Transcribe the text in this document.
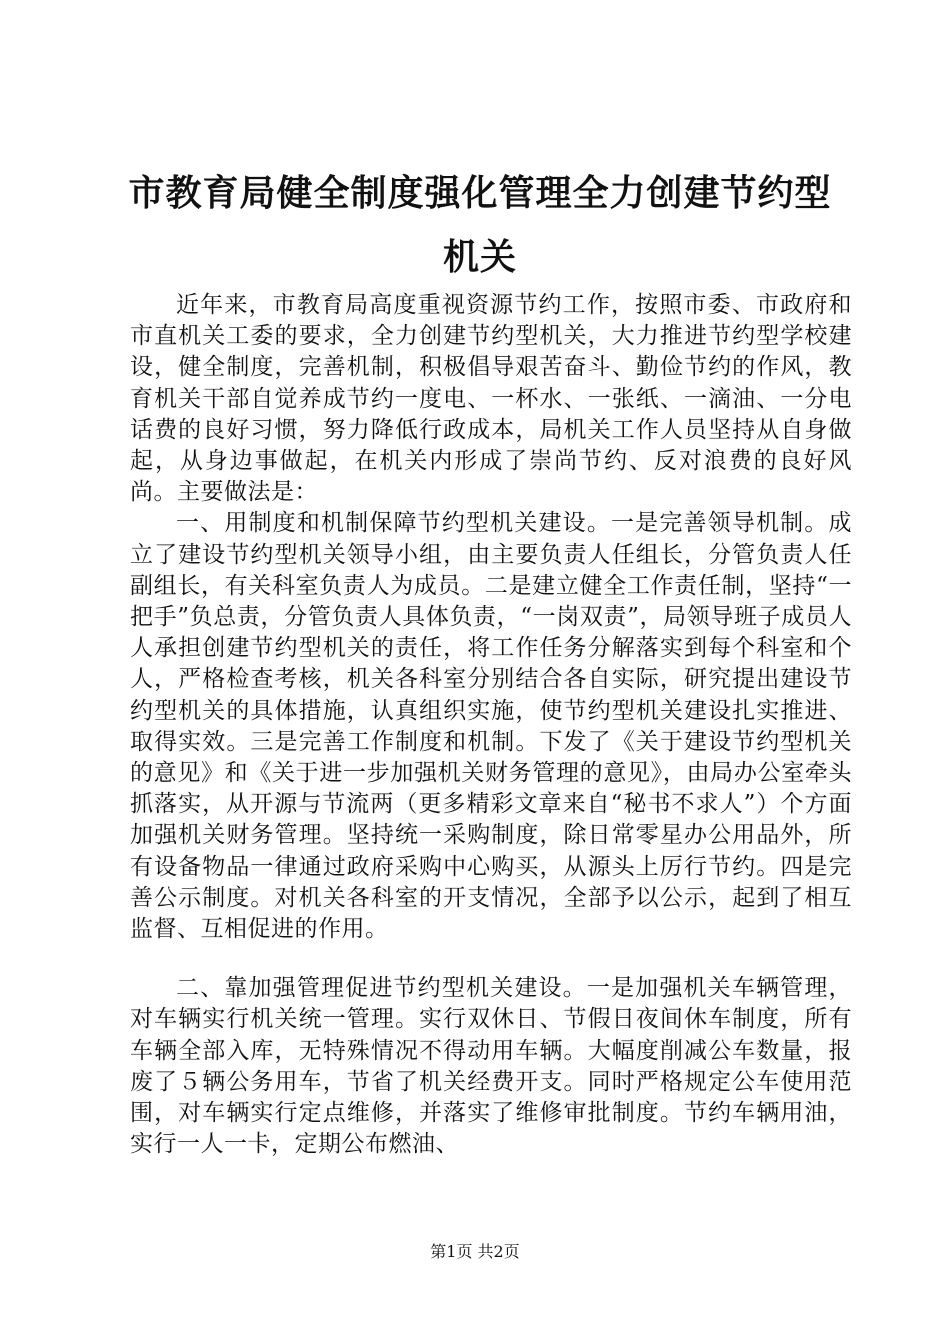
市教育局健全制度强化管理全力创建节约型机关

近年来，市教育局高度重视资源节约工作，按照市委、市政府和市直机关工委的要求，全力创建节约型机关，大力推进节约型学校建设，健全制度，完善机制，积极倡导艰苦奋斗、勤俭节约的作风，教育机关干部自觉养成节约一度电、一杯水、一张纸、一滴油、一分电话费的良好习惯，努力降低行政成本，局机关工作人员坚持从自身做起，从身边事做起，在机关内形成了崇尚节约、反对浪费的良好风尚。主要做法是：

一、用制度和机制保障节约型机关建设。一是完善领导机制。成立了建设节约型机关领导小组，由主要负责人任组长，分管负责人任副组长，有关科室负责人为成员。二是建立健全工作责任制，坚持“一把手”负总责，分管负责人具体负责，“一岗双责”，局领导班子成员人人承担创建节约型机关的责任，将工作任务分解落实到每个科室和个人，严格检查考核，机关各科室分别结合各自实际，研究提出建设节约型机关的具体措施，认真组织实施，使节约型机关建设扎实推进、取得实效。三是完善工作制度和机制。下发了《关于建设节约型机关的意见》和《关于进一步加强机关财务管理的意见》，由局办公室牵头抓落实，从开源与节流两（更多精彩文章来自“秘书不求人”）个方面加强机关财务管理。坚持统一采购制度，除日常零星办公用品外，所有设备物品一律通过政府采购中心购买，从源头上厉行节约。四是完善公示制度。对机关各科室的开支情况，全部予以公示，起到了相互监督、互相促进的作用。

二、靠加强管理促进节约型机关建设。一是加强机关车辆管理，对车辆实行机关统一管理。实行双休日、节假日夜间休车制度，所有车辆全部入库，无特殊情况不得动用车辆。大幅度削减公车数量，报废了５辆公务用车，节省了机关经费开支。同时严格规定公车使用范围，对车辆实行定点维修，并落实了维修审批制度。节约车辆用油，实行一人一卡，定期公布燃油、

第1页 共2页
